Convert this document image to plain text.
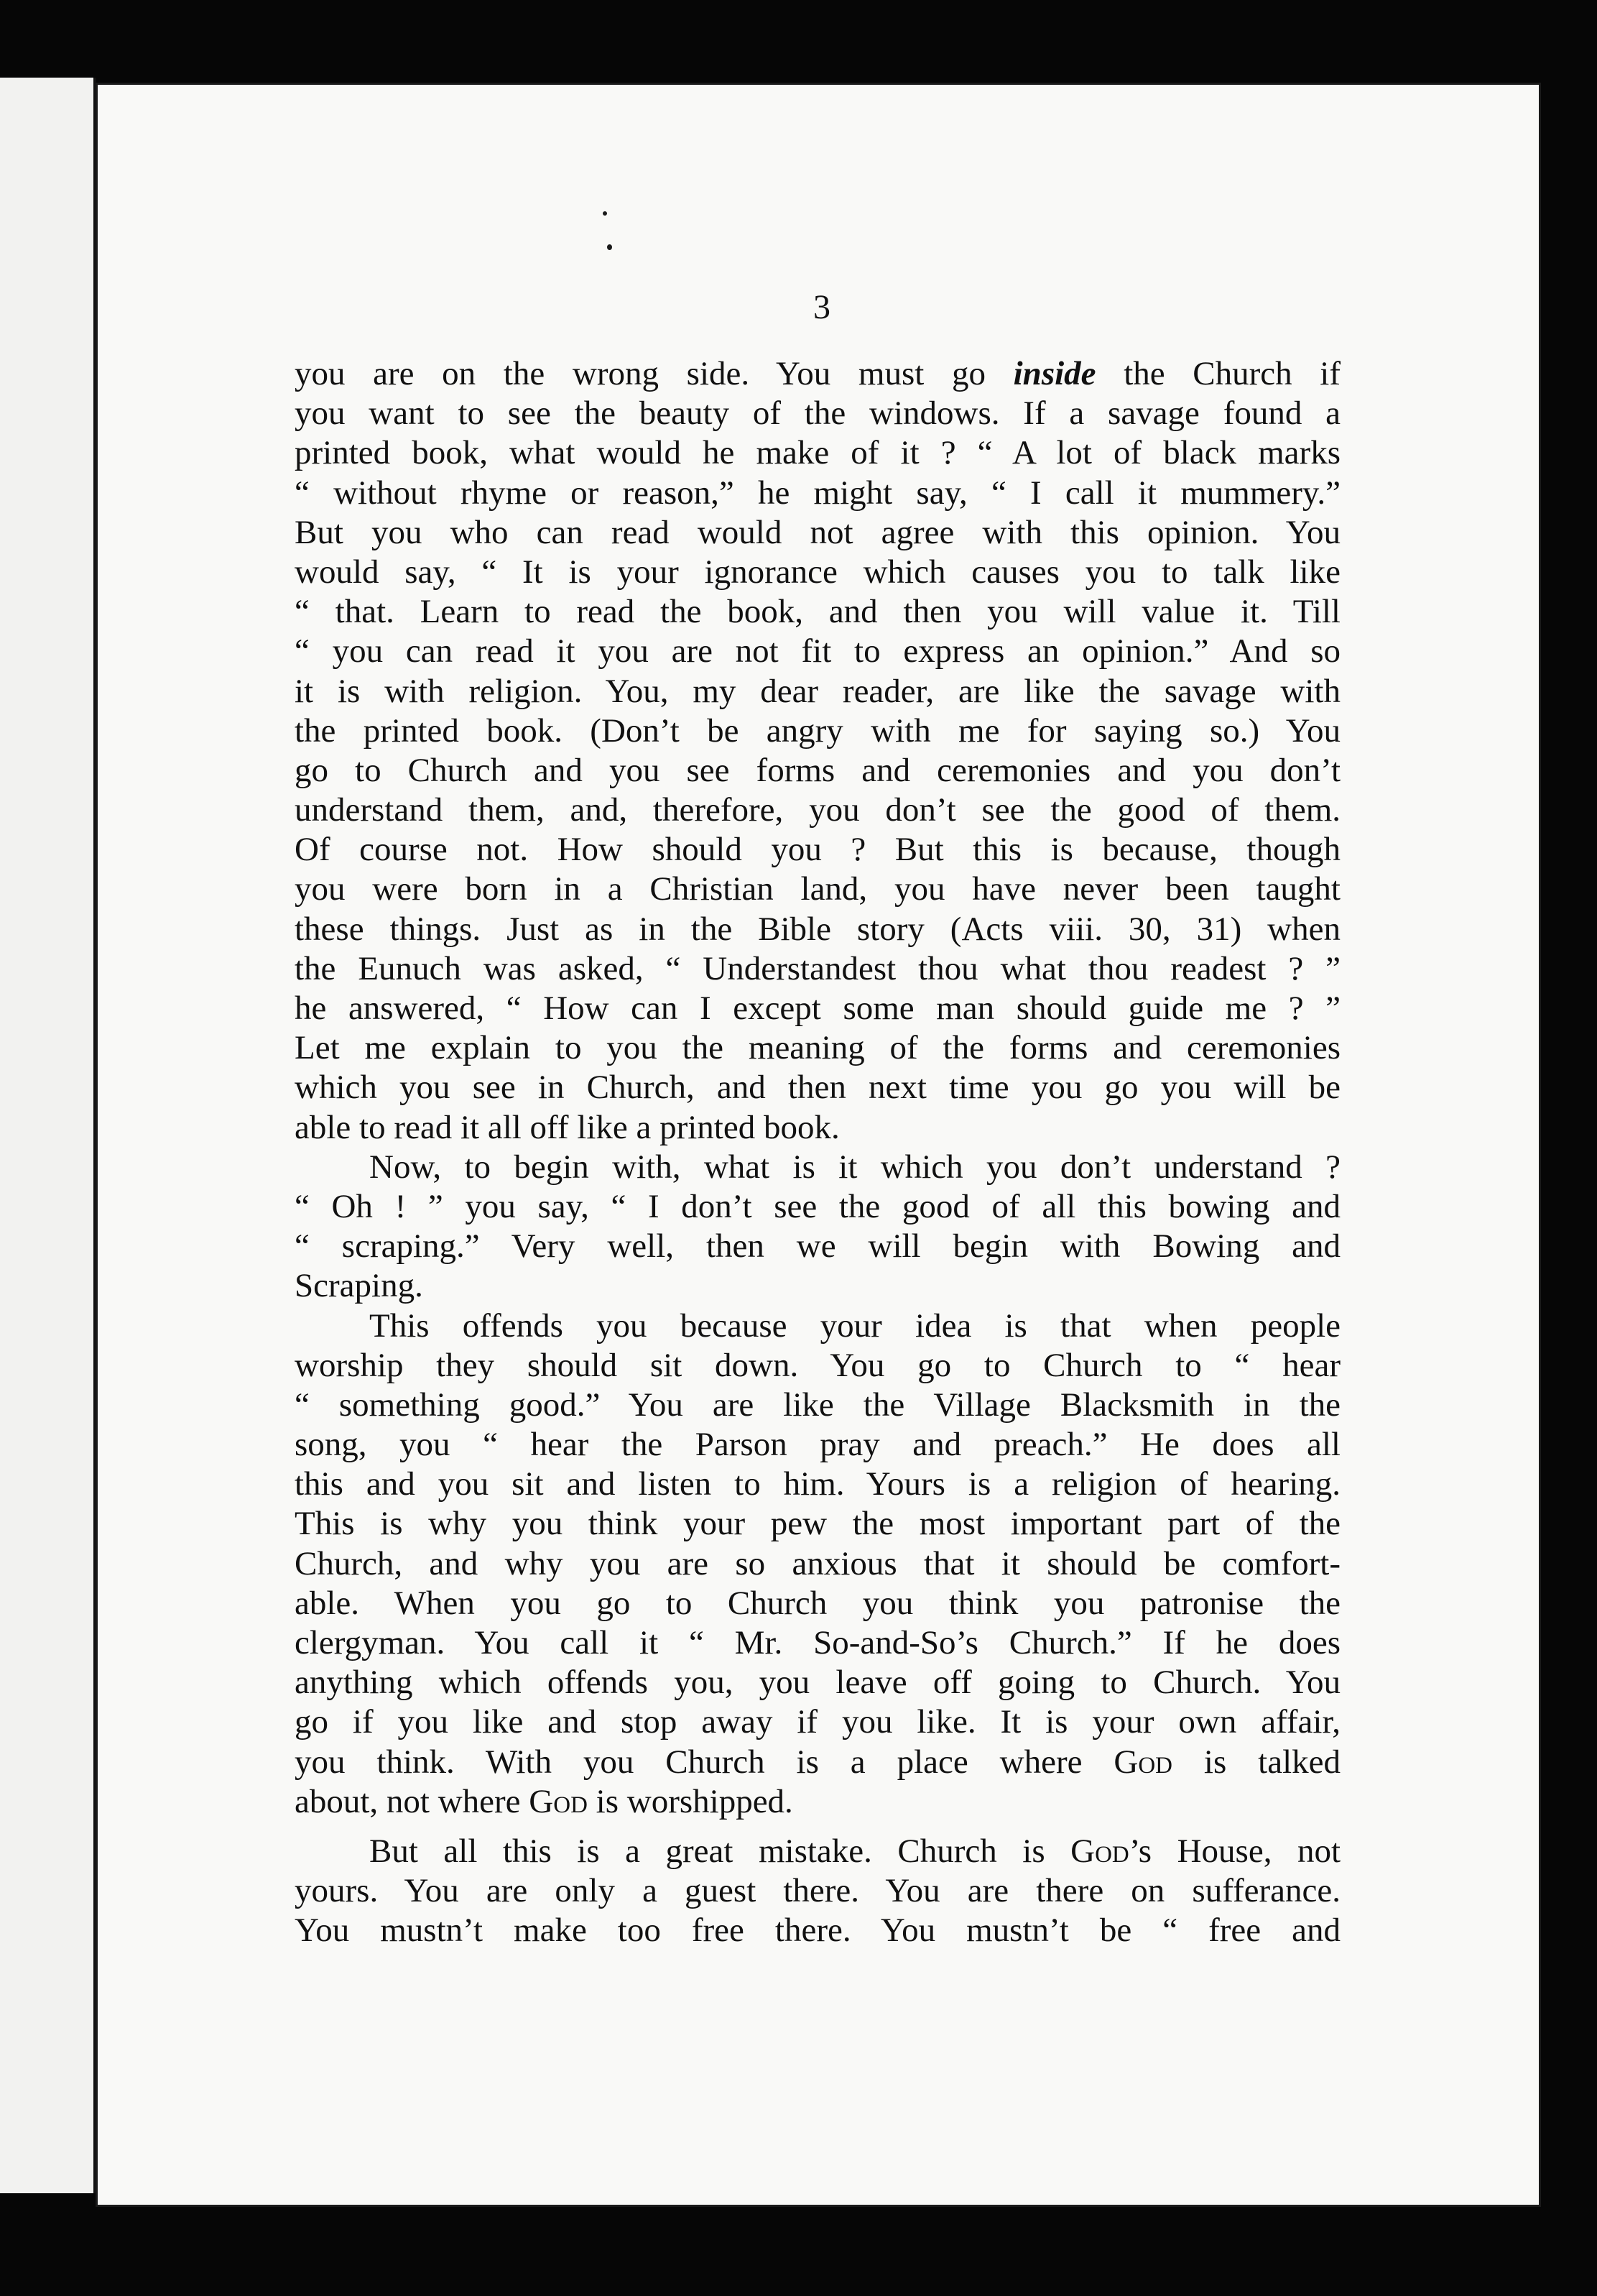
3
you are on the wrong side. You must go inside the Church if
you want to see the beauty of the windows. If a savage found a
printed book, what would he make of it ? “ A lot of black marks
“ without rhyme or reason,” he might say, “ I call it mummery.”
But you who can read would not agree with this opinion. You
would say, “ It is your ignorance which causes you to talk like
“ that. Learn to read the book, and then you will value it. Till
“ you can read it you are not fit to express an opinion.” And so
it is with religion. You, my dear reader, are like the savage with
the printed book. (Don’t be angry with me for saying so.) You
go to Church and you see forms and ceremonies and you don’t
understand them, and, therefore, you don’t see the good of them.
Of course not. How should you ? But this is because, though
you were born in a Christian land, you have never been taught
these things. Just as in the Bible story (Acts viii. 30, 31) when
the Eunuch was asked, “ Understandest thou what thou readest ? ”
he answered, “ How can I except some man should guide me ? ”
Let me explain to you the meaning of the forms and ceremonies
which you see in Church, and then next time you go you will be
able to read it all off like a printed book.
Now, to begin with, what is it which you don’t understand ?
“ Oh ! ” you say, “ I don’t see the good of all this bowing and
“ scraping.” Very well, then we will begin with Bowing and
Scraping.
This offends you because your idea is that when people
worship they should sit down. You go to Church to “ hear
“ something good.” You are like the Village Blacksmith in the
song, you “ hear the Parson pray and preach.” He does all
this and you sit and listen to him. Yours is a religion of hearing.
This is why you think your pew the most important part of the
Church, and why you are so anxious that it should be comfort-
able. When you go to Church you think you patronise the
clergyman. You call it “ Mr. So-and-So’s Church.” If he does
anything which offends you, you leave off going to Church. You
go if you like and stop away if you like. It is your own affair,
you think. With you Church is a place where God is talked
about, not where God is worshipped.
But all this is a great mistake. Church is God’s House, not
yours. You are only a guest there. You are there on sufferance.
You mustn’t make too free there. You mustn’t be “ free and
